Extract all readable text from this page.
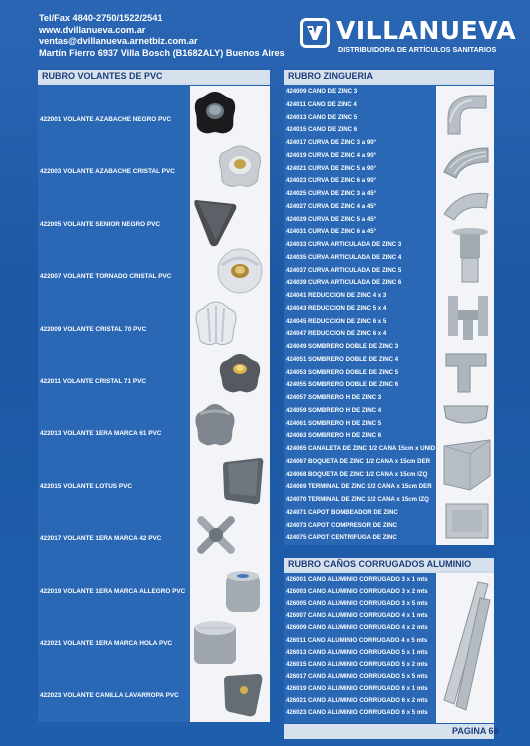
Tel/Fax 4840-2750/1522/2541
www.dvillanueva.com.ar
ventas@dvillanueva.arnetbiz.com.ar
Martín Fierro 6937 Villa Bosch (B1682ALY) Buenos Aires
VILLANUEVA
DISTRIBUIDORA DE ARTÍCULOS SANITARIOS
RUBRO VOLANTES DE PVC
422001 VOLANTE AZABACHE NEGRO PVC
422003 VOLANTE AZABACHE CRISTAL PVC
422005 VOLANTE SENIOR NEGRO PVC
422007 VOLANTE TORNADO CRISTAL PVC
422009 VOLANTE CRISTAL 70 PVC
422011 VOLANTE CRISTAL 71 PVC
422013 VOLANTE 1ERA MARCA 61 PVC
422015 VOLANTE LOTUS PVC
422017 VOLANTE 1ERA MARCA 42 PVC
422019 VOLANTE 1ERA MARCA ALLEGRO PVC
422021 VOLANTE 1ERA MARCA HOLA PVC
422023 VOLANTE CANILLA LAVARROPA PVC
RUBRO ZINGUERIA
424009 CANO DE ZINC 3
424011 CANO DE ZINC 4
424013 CANO DE ZINC 5
424015 CANO DE ZINC 6
424017 CURVA DE ZINC 3 a 90°
424019 CURVA DE ZINC 4 a 90°
424021 CURVA DE ZINC 5 a 90°
424023 CURVA DE ZINC 6 a 90°
424025 CURVA DE ZINC 3 a 45°
424027 CURVA DE ZINC 4 a 45°
424029 CURVA DE ZINC 5 a 45°
424031 CURVA DE ZINC 6 a 45°
424033 CURVA ARTICULADA DE ZINC 3
424035 CURVA ARTICULADA DE ZINC 4
424037 CURVA ARTICULADA DE ZINC 5
424039 CURVA ARTICULADA DE ZINC 6
424041 REDUCCION DE ZINC 4 x 3
424043 REDUCCION DE ZINC 5 x 4
424045 REDUCCION DE ZINC 6 x 5
424047 REDUCCION DE ZINC 6 x 4
424049 SOMBRERO DOBLE DE ZINC 3
424051 SOMBRERO DOBLE DE ZINC 4
424053 SOMBRERO DOBLE DE ZINC 5
424055 SOMBRERO DOBLE DE ZINC 6
424057 SOMBRERO H DE ZINC 3
424059 SOMBRERO H DE ZINC 4
424061 SOMBRERO H DE ZINC 5
424063 SOMBRERO H DE ZINC 6
424065 CANALETA DE ZINC 1/2 CANA 15cm x UNID
424067 BOQUETA DE ZINC 1/2 CANA x 15cm DER
424068 BOQUETA DE ZINC 1/2 CANA x 15cm IZQ
424069 TERMINAL DE ZINC 1/2 CANA x 15cm DER
424070 TERMINAL DE ZINC 1/2 CANA x 15cm IZQ
424071 CAPOT BOMBEADOR DE ZINC
424073 CAPOT COMPRESOR DE ZINC
424075 CAPOT CENTRIFUGA DE ZINC
RUBRO CAÑOS CORRUGADOS ALUMINIO
426001 CANO ALUMINIO CORRUGADO 3 x 1 mts
426003 CANO ALUMINIO CORRUGADO 3 x 2 mts
426005 CANO ALUMINIO CORRUGADO 3 x 5 mts
426007 CANO ALUMINIO CORRUGADO 4 x 1 mts
426009 CANO ALUMINIO CORRUGADO 4 x 2 mts
426011 CANO ALUMINIO CORRUGADO 4 x 5 mts
426013 CANO ALUMINIO CORRUGADO 5 x 1 mts
426015 CANO ALUMINIO CORRUGADO 5 x 2 mts
426017 CANO ALUMINIO CORRUGADO 5 x 5 mts
426019 CANO ALUMINIO CORRUGADO 6 x 1 mts
426021 CANO ALUMINIO CORRUGADO 6 x 2 mts
426023 CANO ALUMINIO CORRUGADO 6 x 5 mts
PAGINA 66
